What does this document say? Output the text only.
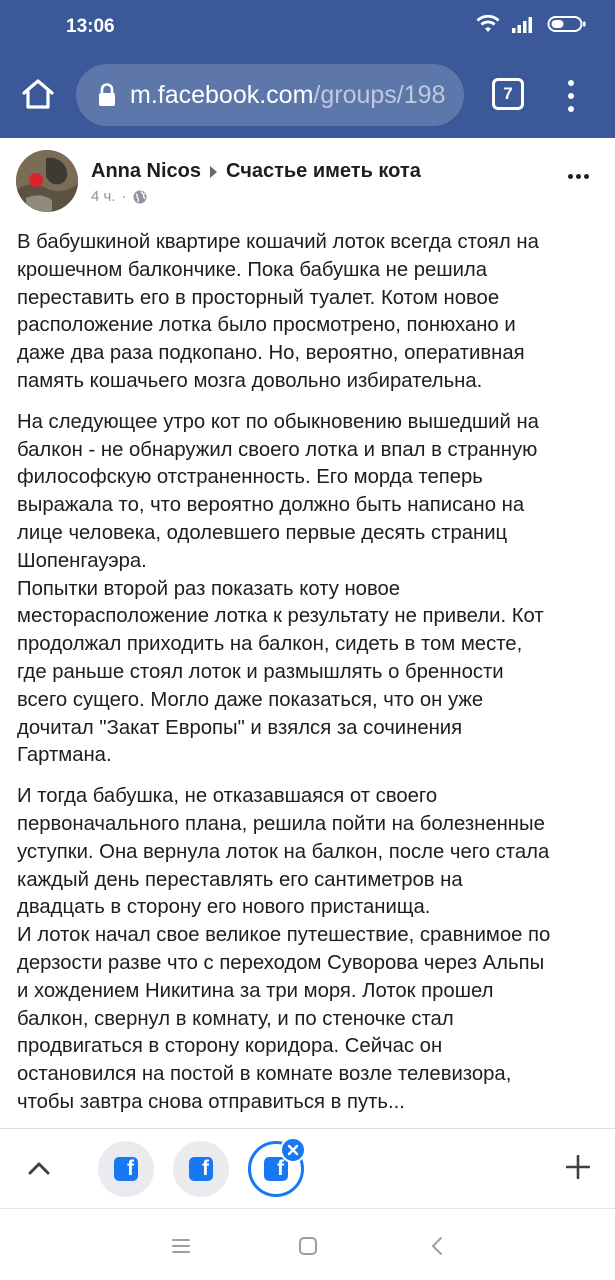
13:06
m.facebook.com/groups/198	7
Anna Nicos Счастье иметь кота
4 ч. ·

В бабушкиной квартире кошачий лоток всегда стоял на
крошечном балкончике. Пока бабушка не решила
переставить его в просторный туалет. Котом новое
расположение лотка было просмотрено, понюхано и
даже два раза подкопано. Но, вероятно, оперативная
память кошачьего мозга довольно избирательна.

На следующее утро кот по обыкновению вышедший на
балкон - не обнаружил своего лотка и впал в странную
философскую отстраненность. Его морда теперь
выражала то, что вероятно должно быть написано на
лице человека, одолевшего первые десять страниц
Шопенгауэра.
Попытки второй раз показать коту новое
месторасположение лотка к результату не привели. Кот
продолжал приходить на балкон, сидеть в том месте,
где раньше стоял лоток и размышлять о бренности
всего сущего. Могло даже показаться, что он уже
дочитал "Закат Европы" и взялся за сочинения
Гартмана.

И тогда бабушка, не отказавшаяся от своего
первоначального плана, решила пойти на болезненные
уступки. Она вернула лоток на балкон, после чего стала
каждый день переставлять его сантиметров на
двадцать в сторону его нового пристанища.
И лоток начал свое великое путешествие, сравнимое по
дерзости разве что с переходом Суворова через Альпы
и хождением Никитина за три моря. Лоток прошел
балкон, свернул в комнату, и по стеночке стал
продвигаться в сторону коридора. Сейчас он
остановился на постой в комнате возле телевизора,
чтобы завтра снова отправиться в путь...

f	f	f
